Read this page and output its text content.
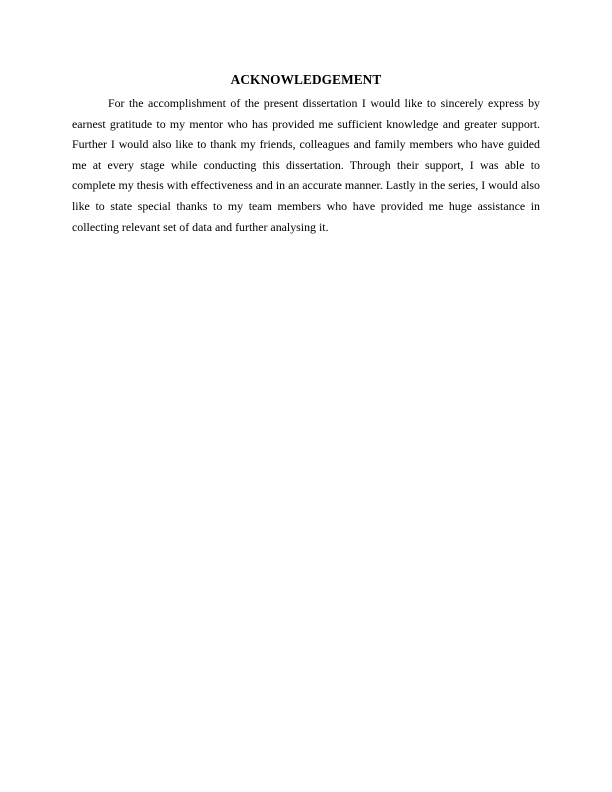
ACKNOWLEDGEMENT

For the accomplishment of the present dissertation I would like to sincerely express by earnest gratitude to my mentor who has provided me sufficient knowledge and greater support. Further I would also like to thank my friends, colleagues and family members who have guided me at every stage while conducting this dissertation. Through their support, I was able to complete my thesis with effectiveness and in an accurate manner. Lastly in the series, I would also like to state special thanks to my team members who have provided me huge assistance in collecting relevant set of data and further analysing it.
